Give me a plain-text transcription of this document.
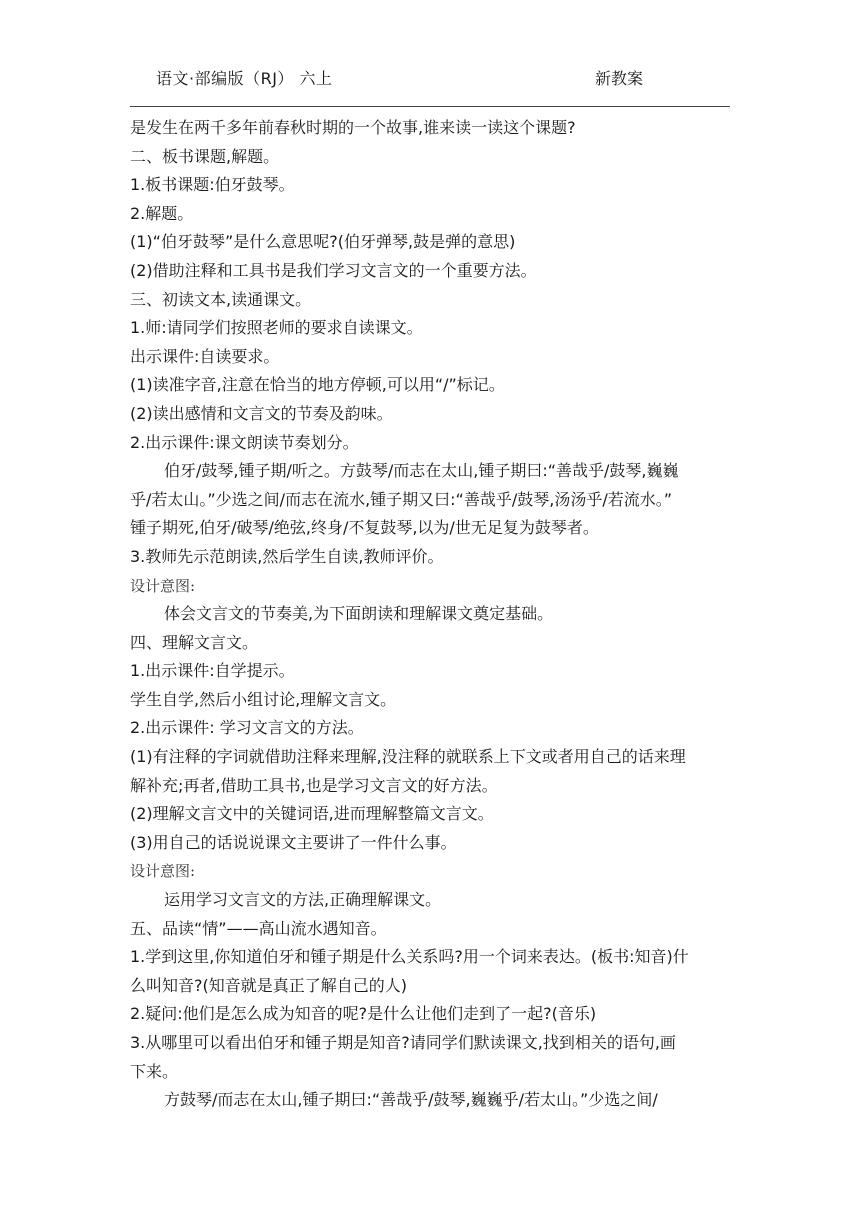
语文·部编版（RJ） 六上	新教案
是发生在两千多年前春秋时期的一个故事,谁来读一读这个课题?
二、板书课题,解题。
1.板书课题:伯牙鼓琴。
2.解题。
(1)“伯牙鼓琴”是什么意思呢?(伯牙弹琴,鼓是弹的意思)
(2)借助注释和工具书是我们学习文言文的一个重要方法。
三、初读文本,读通课文。
1.师:请同学们按照老师的要求自读课文。
出示课件:自读要求。
(1)读准字音,注意在恰当的地方停顿,可以用“/”标记。
(2)读出感情和文言文的节奏及韵味。
2.出示课件:课文朗读节奏划分。
伯牙/鼓琴,锺子期/听之。方鼓琴/而志在太山,锺子期曰:“善哉乎/鼓琴,巍巍
乎/若太山。”少选之间/而志在流水,锺子期又曰:“善哉乎/鼓琴,汤汤乎/若流水。”
锺子期死,伯牙/破琴/绝弦,终身/不复鼓琴,以为/世无足复为鼓琴者。
3.教师先示范朗读,然后学生自读,教师评价。
设计意图:
体会文言文的节奏美,为下面朗读和理解课文奠定基础。
四、理解文言文。
1.出示课件:自学提示。
学生自学,然后小组讨论,理解文言文。
2.出示课件: 学习文言文的方法。
(1)有注释的字词就借助注释来理解,没注释的就联系上下文或者用自己的话来理
解补充;再者,借助工具书,也是学习文言文的好方法。
(2)理解文言文中的关键词语,进而理解整篇文言文。
(3)用自己的话说说课文主要讲了一件什么事。
设计意图:
运用学习文言文的方法,正确理解课文。
五、品读“情”——高山流水遇知音。
1.学到这里,你知道伯牙和锺子期是什么关系吗?用一个词来表达。(板书:知音)什
么叫知音?(知音就是真正了解自己的人)
2.疑问:他们是怎么成为知音的呢?是什么让他们走到了一起?(音乐)
3.从哪里可以看出伯牙和锺子期是知音?请同学们默读课文,找到相关的语句,画
下来。
方鼓琴/而志在太山,锺子期曰:“善哉乎/鼓琴,巍巍乎/若太山。”少选之间/
